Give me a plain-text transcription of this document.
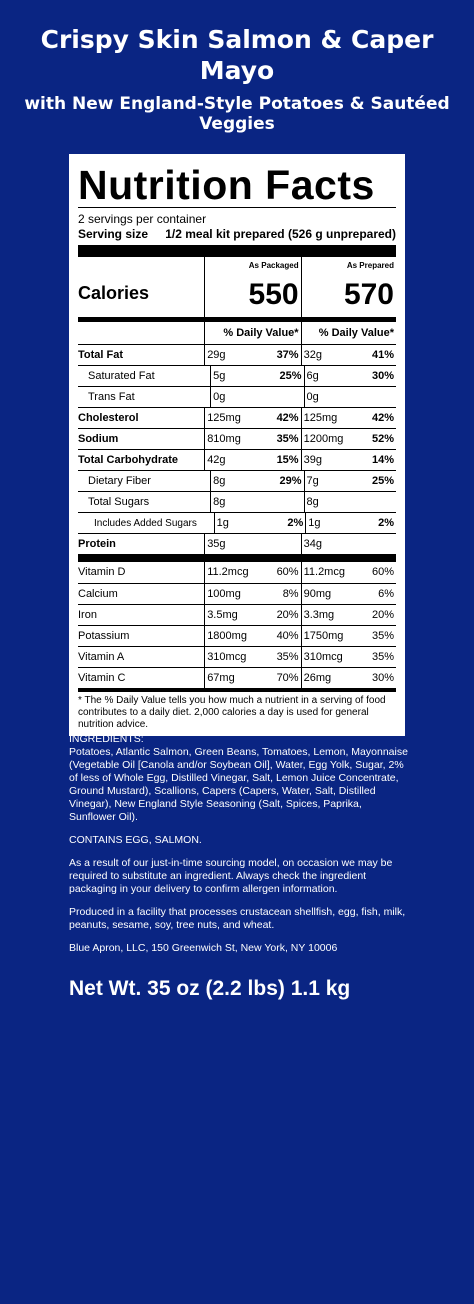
Crispy Skin Salmon & Caper Mayo
with New England-Style Potatoes & Sautéed Veggies
Nutrition Facts
2 servings per container
Serving size 1/2 meal kit prepared (526 g unprepared)
Calories
As Packaged
550
As Prepared
570
% Daily Value*	% Daily Value*
Total Fat	29g	37% 32g	41%
Saturated Fat	5g	25% 6g	30%
Trans Fat	0g	0g
Cholesterol	125mg	42% 125mg	42%
Sodium	810mg	35% 1200mg	52%
Total Carbohydrate	42g	15% 39g	14%
Dietary Fiber	8g	29% 7g	25%
Total Sugars	8g	8g
Includes Added Sugars	1g	2% 1g	2%
Protein	35g	34g
Vitamin D	11.2mcg	60% 11.2mcg 60%
Calcium	100mg	8% 90mg	6%
Iron	3.5mg	20% 3.3mg	20%
Potassium	1800mg	40% 1750mg	35%
Vitamin A	310mcg	35% 310mcg	35%
Vitamin C	67mg	70% 26mg	30%
* The % Daily Value tells you how much a nutrient in a serving of food contributes to a daily diet. 2,000 calories a day is used for general nutrition advice.

INGREDIENTS:

Potatoes, Atlantic Salmon, Green Beans, Tomatoes, Lemon, Mayonnaise (Vegetable Oil [Canola and/or Soybean Oil], Water, Egg Yolk, Sugar, 2% of less of Whole Egg, Distilled Vinegar, Salt, Lemon Juice Concentrate, Ground Mustard), Scallions, Capers (Capers, Water, Salt, Distilled Vinegar), New England Style Seasoning (Salt, Spices, Paprika, Sunflower Oil).

CONTAINS EGG, SALMON.

As a result of our just-in-time sourcing model, on occasion we may be required to substitute an ingredient. Always check the ingredient packaging in your delivery to confirm allergen information.

Produced in a facility that processes crustacean shellfish, egg, fish, milk, peanuts, sesame, soy, tree nuts, and wheat.

Blue Apron, LLC, 150 Greenwich St, New York, NY 10006

Net Wt. 35 oz (2.2 lbs) 1.1 kg
